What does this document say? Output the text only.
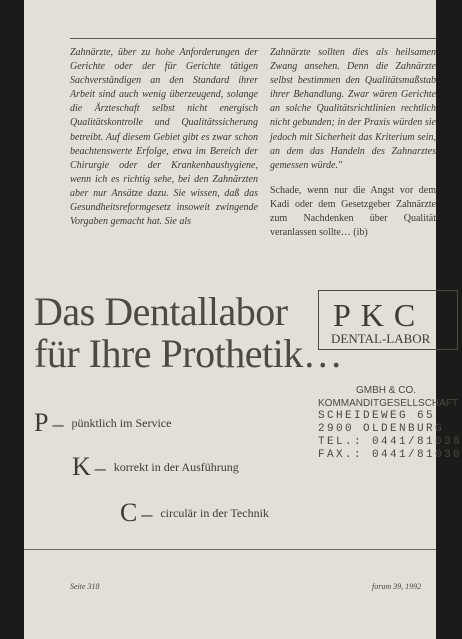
Zahnärzte, über zu hohe Anforderungen der Gerichte oder der für Gerichte tätigen Sachverständigen an den Standard ihrer Arbeit sind auch wenig überzeugend, solange die Ärzteschaft selbst nicht energisch Qualitätskontrolle und Qualitätssicherung betreibt. Auf diesem Gebiet gibt es zwar schon beachtenswerte Erfolge, etwa im Bereich der Chirurgie oder der Krankenhaushygiene, wenn ich es richtig sehe, bei den Zahnärzten aber nur Ansätze dazu. Sie wissen, daß das Gesundheitsreformgesetz insoweit zwingende Vorgaben gemacht hat. Sie als

Zahnärzte sollten dies als heilsamen Zwang ansehen. Denn die Zahnärzte selbst bestimmen den Qualitätsmaßstab ihrer Behandlung. Zwar wären Gerichte an solche Qualitätsrichtlinien rechtlich nicht gebunden; in der Praxis würden sie jedoch mit Sicherheit das Kriterium sein, an dem das Handeln des Zahnarztes gemessen würde."

Schade, wenn nur die Angst vor dem Kadi oder dem Gesetzgeber Zahnärzte zum Nachdenken über Qualität veranlassen sollte… (ib)

Das Dentallabor
für Ihre Prothetik…
PKC
DENTAL-LABOR
GMBH & CO.
KOMMANDITGESELLSCHAFT
SCHEIDEWEG 65
2900 OLDENBURG
TEL.: 0441/81038
FAX.: 0441/81030
P – $^{pünktlich im Service}$
K – $^{korrekt in der Ausführung}$
C – $^{circulär in der Technik}$
Seite 318	forum 39, 1992
